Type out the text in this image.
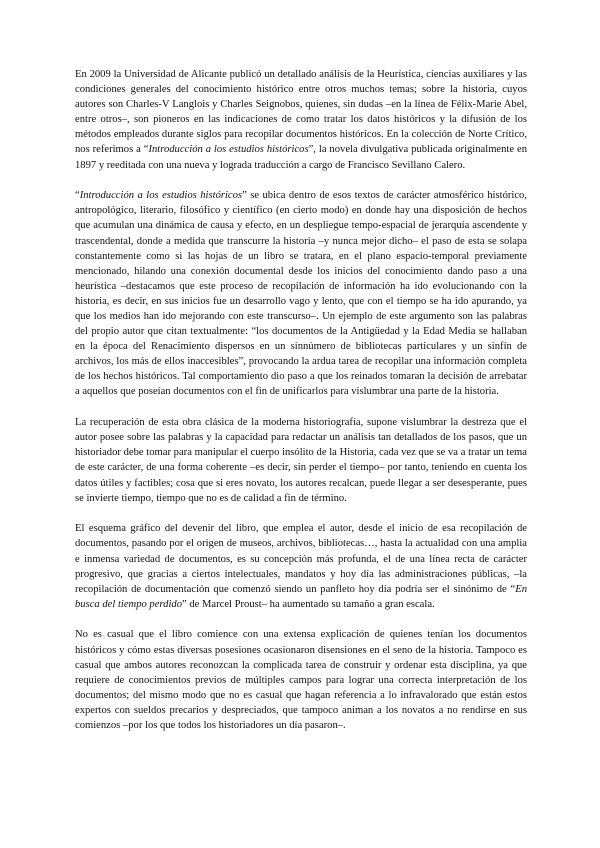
En 2009 la Universidad de Alicante publicó un detallado análisis de la Heurística, ciencias auxiliares y las condiciones generales del conocimiento histórico entre otros muchos temas; sobre la historia, cuyos autores son Charles-V Langlois y Charles Seignobos, quienes, sin dudas –en la línea de Félix-Marie Abel, entre otros–, son pioneros en las indicaciones de como tratar los datos históricos y la difusión de los métodos empleados durante siglos para recopilar documentos históricos. En la colección de Norte Crítico, nos referimos a “Introducción a los estudios históricos”, la novela divulgativa publicada originalmente en 1897 y reeditada con una nueva y lograda traducción a cargo de Francisco Sevillano Calero.

“Introducción a los estudios históricos” se ubica dentro de esos textos de carácter atmosférico histórico, antropológico, literario, filosófico y científico (en cierto modo) en donde hay una disposición de hechos que acumulan una dinámica de causa y efecto, en un despliegue tempo-espacial de jerarquía ascendente y trascendental, donde a medida que transcurre la historia –y nunca mejor dicho– el paso de esta se solapa constantemente como si las hojas de un libro se tratara, en el plano espacio-temporal previamente mencionado, hilando una conexión documental desde los inicios del conocimiento dando paso a una heurística –destacamos que este proceso de recopilación de información ha ido evolucionando con la historia, es decir, en sus inicios fue un desarrollo vago y lento, que con el tiempo se ha ido apurando, ya que los medios han ido mejorando con este transcurso–. Un ejemplo de este argumento son las palabras del propio autor que citan textualmente: “los documentos de la Antigüedad y la Edad Media se hallaban en la época del Renacimiento dispersos en un sinnúmero de bibliotecas particulares y un sinfín de archivos, los más de ellos inaccesibles”, provocando la ardua tarea de recopilar una información completa de los hechos históricos. Tal comportamiento dio paso a que los reinados tomaran la decisión de arrebatar a aquellos que poseían documentos con el fin de unificarlos para vislumbrar una parte de la historia.

La recuperación de esta obra clásica de la moderna historiografía, supone vislumbrar la destreza que el autor posee sobre las palabras y la capacidad para redactar un análisis tan detallados de los pasos, que un historiador debe tomar para manipular el cuerpo insólito de la Historia, cada vez que se va a tratar un tema de este carácter, de una forma coherente –es decir, sin perder el tiempo– por tanto, teniendo en cuenta los datos útiles y factibles; cosa que si eres novato, los autores recalcan, puede llegar a ser desesperante, pues se invierte tiempo, tiempo que no es de calidad a fin de término.

El esquema gráfico del devenir del libro, que emplea el autor, desde el inicio de esa recopilación de documentos, pasando por el origen de museos, archivos, bibliotecas…, hasta la actualidad con una amplia e inmensa variedad de documentos, es su concepción más profunda, el de una línea recta de carácter progresivo, que gracias a ciertos intelectuales, mandatos y hoy día las administraciones públicas, –la recopilación de documentación que comenzó siendo un panfleto hoy día podría ser el sinónimo de “En busca del tiempo perdido” de Marcel Proust– ha aumentado su tamaño a gran escala.

No es casual que el libro comience con una extensa explicación de quienes tenían los documentos históricos y cómo estas diversas posesiones ocasionaron disensiones en el seno de la historia. Tampoco es casual que ambos autores reconozcan la complicada tarea de construir y ordenar esta disciplina, ya que requiere de conocimientos previos de múltiples campos para lograr una correcta interpretación de los documentos; del mismo modo que no es casual que hagan referencia a lo infravalorado que están estos expertos con sueldos precarios y despreciados, que tampoco animan a los novatos a no rendirse en sus comienzos –por los que todos los historiadores un día pasaron–.
